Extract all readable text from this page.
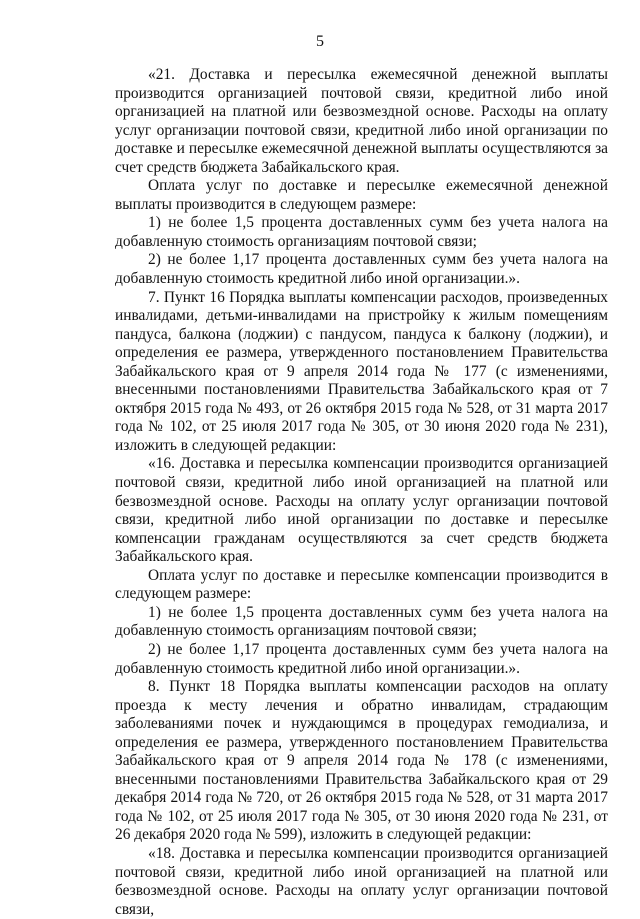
5

«21. Доставка и пересылка ежемесячной денежной выплаты производится организацией почтовой связи, кредитной либо иной организацией на платной или безвозмездной основе. Расходы на оплату услуг организации почтовой связи, кредитной либо иной организации по доставке и пересылке ежемесячной денежной выплаты осуществляются за счет средств бюджета Забайкальского края.

Оплата услуг по доставке и пересылке ежемесячной денежной выплаты производится в следующем размере:

1) не более 1,5 процента доставленных сумм без учета налога на добавленную стоимость организациям почтовой связи;

2) не более 1,17 процента доставленных сумм без учета налога на добавленную стоимость кредитной либо иной организации.».

7. Пункт 16 Порядка выплаты компенсации расходов, произведенных инвалидами, детьми-инвалидами на пристройку к жилым помещениям пандуса, балкона (лоджии) с пандусом, пандуса к балкону (лоджии), и определения ее размера, утвержденного постановлением Правительства Забайкальского края от 9 апреля 2014 года № 177 (с изменениями, внесенными постановлениями Правительства Забайкальского края от 7 октября 2015 года № 493, от 26 октября 2015 года № 528, от 31 марта 2017 года № 102, от 25 июля 2017 года № 305, от 30 июня 2020 года № 231), изложить в следующей редакции:

«16. Доставка и пересылка компенсации производится организацией почтовой связи, кредитной либо иной организацией на платной или безвозмездной основе. Расходы на оплату услуг организации почтовой связи, кредитной либо иной организации по доставке и пересылке компенсации гражданам осуществляются за счет средств бюджета Забайкальского края.

Оплата услуг по доставке и пересылке компенсации производится в следующем размере:

1) не более 1,5 процента доставленных сумм без учета налога на добавленную стоимость организациям почтовой связи;

2) не более 1,17 процента доставленных сумм без учета налога на добавленную стоимость кредитной либо иной организации.».

8. Пункт 18 Порядка выплаты компенсации расходов на оплату проезда к месту лечения и обратно инвалидам, страдающим заболеваниями почек и нуждающимся в процедурах гемодиализа, и определения ее размера, утвержденного постановлением Правительства Забайкальского края от 9 апреля 2014 года № 178 (с изменениями, внесенными постановлениями Правительства Забайкальского края от 29 декабря 2014 года № 720, от 26 октября 2015 года № 528, от 31 марта 2017 года № 102, от 25 июля 2017 года № 305, от 30 июня 2020 года № 231, от 26 декабря 2020 года № 599), изложить в следующей редакции:

«18. Доставка и пересылка компенсации производится организацией почтовой связи, кредитной либо иной организацией на платной или безвозмездной основе. Расходы на оплату услуг организации почтовой связи,
